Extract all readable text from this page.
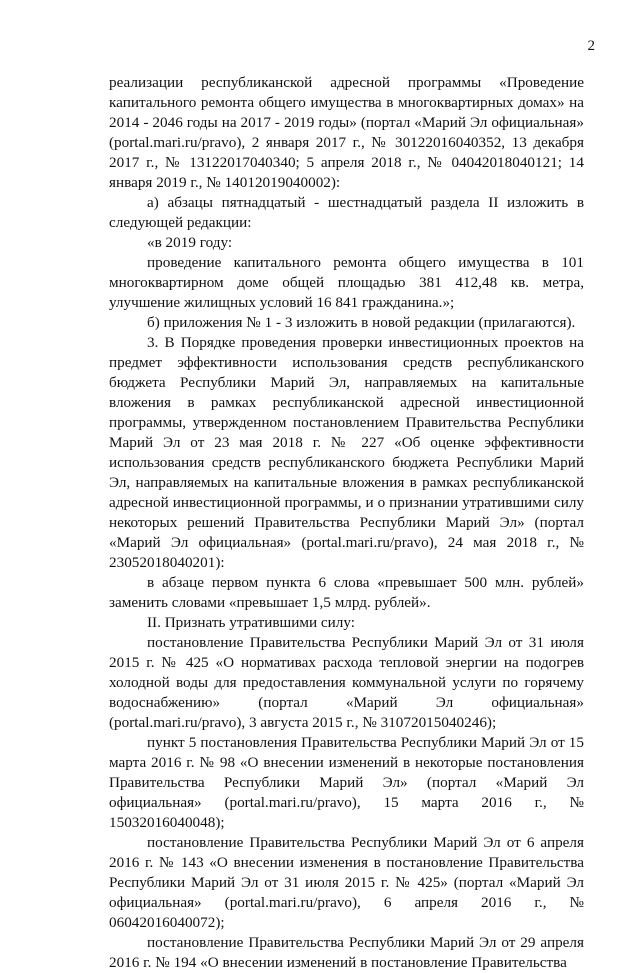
2

реализации республиканской адресной программы «Проведение капитального ремонта общего имущества в многоквартирных домах» на 2014 - 2046 годы на 2017 - 2019 годы» (портал «Марий Эл официальная» (portal.mari.ru/pravo), 2 января 2017 г., № 30122016040352, 13 декабря 2017 г., № 13122017040340; 5 апреля 2018 г., № 04042018040121; 14 января 2019 г., № 14012019040002):

а) абзацы пятнадцатый - шестнадцатый раздела II изложить в следующей редакции:

«в 2019 году:

проведение капитального ремонта общего имущества в 101 многоквартирном доме общей площадью 381 412,48 кв. метра, улучшение жилищных условий 16 841 гражданина.»;

б) приложения № 1 - 3 изложить в новой редакции (прилагаются).

3. В Порядке проведения проверки инвестиционных проектов на предмет эффективности использования средств республиканского бюджета Республики Марий Эл, направляемых на капитальные вложения в рамках республиканской адресной инвестиционной программы, утвержденном постановлением Правительства Республики Марий Эл от 23 мая 2018 г. № 227 «Об оценке эффективности использования средств республиканского бюджета Республики Марий Эл, направляемых на капитальные вложения в рамках республиканской адресной инвестиционной программы, и о признании утратившими силу некоторых решений Правительства Республики Марий Эл» (портал «Марий Эл официальная» (portal.mari.ru/pravo), 24 мая 2018 г., № 23052018040201):

в абзаце первом пункта 6 слова «превышает 500 млн. рублей» заменить словами «превышает 1,5 млрд. рублей».

II. Признать утратившими силу:

постановление Правительства Республики Марий Эл от 31 июля 2015 г. № 425 «О нормативах расхода тепловой энергии на подогрев холодной воды для предоставления коммунальной услуги по горячему водоснабжению» (портал «Марий Эл официальная» (portal.mari.ru/pravo), 3 августа 2015 г., № 31072015040246);

пункт 5 постановления Правительства Республики Марий Эл от 15 марта 2016 г. № 98 «О внесении изменений в некоторые постановления Правительства Республики Марий Эл» (портал «Марий Эл официальная» (portal.mari.ru/pravo), 15 марта 2016 г., № 15032016040048);

постановление Правительства Республики Марий Эл от 6 апреля 2016 г. № 143 «О внесении изменения в постановление Правительства Республики Марий Эл от 31 июля 2015 г. № 425» (портал «Марий Эл официальная» (portal.mari.ru/pravo), 6 апреля 2016 г., № 06042016040072);

постановление Правительства Республики Марий Эл от 29 апреля 2016 г. № 194 «О внесении изменений в постановление Правительства
